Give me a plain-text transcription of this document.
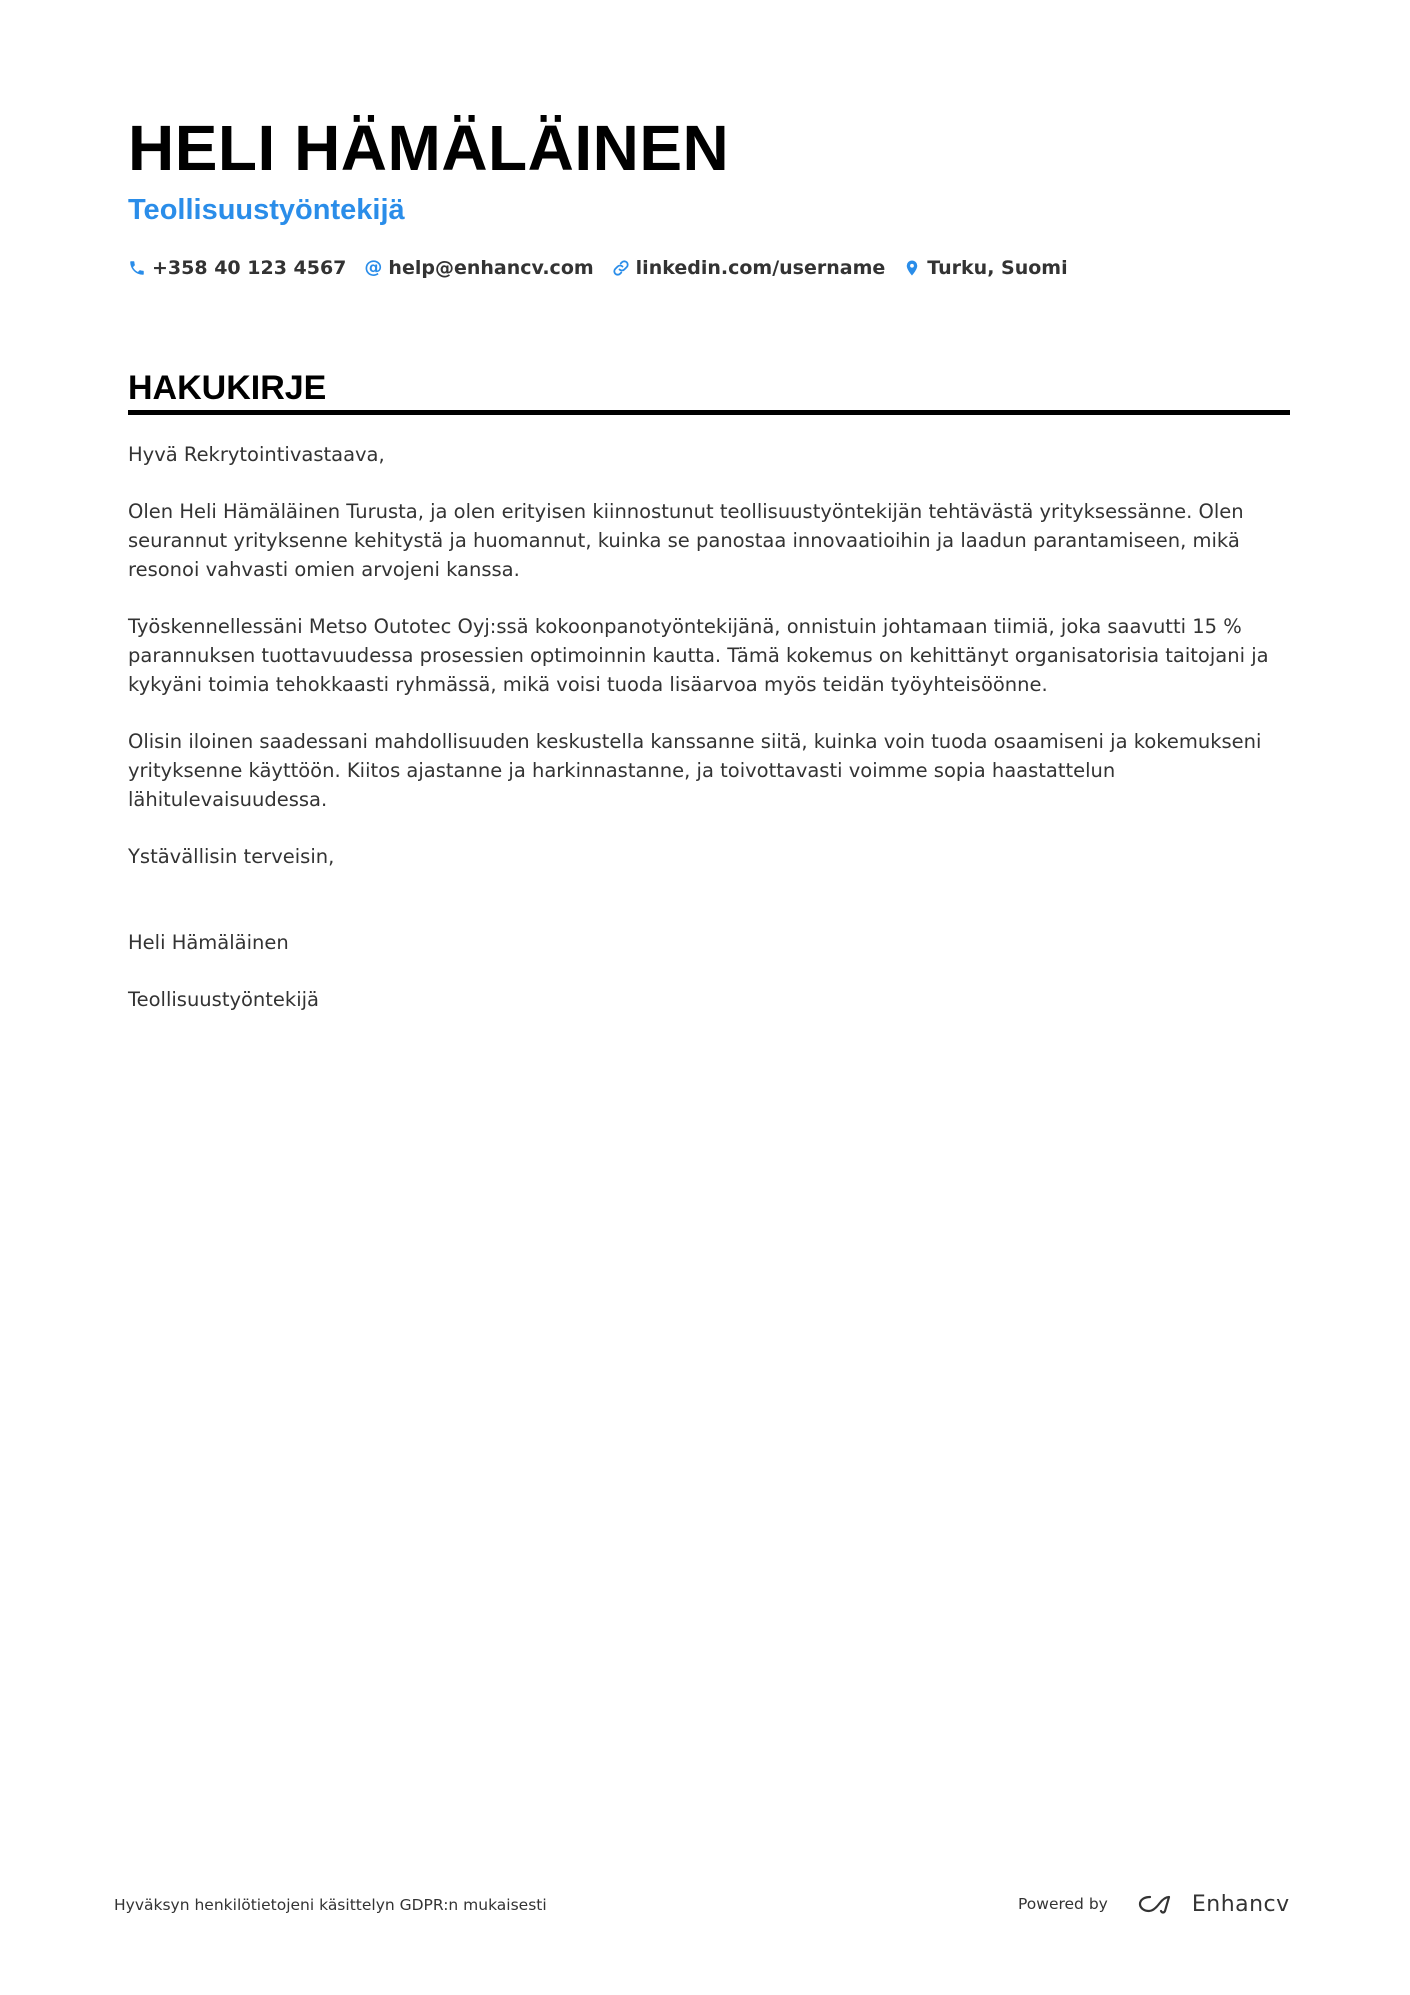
HELI HÄMÄLÄINEN
Teollisuustyöntekijä
+358 40 123 4567 @ help@enhancv.com linkedin.com/username Turku, Suomi
HAKUKIRJE

Hyvä Rekrytointivastaava,

Olen Heli Hämäläinen Turusta, ja olen erityisen kiinnostunut teollisuustyöntekijän tehtävästä yrityksessänne. Olen seurannut yrityksenne kehitystä ja huomannut, kuinka se panostaa innovaatioihin ja laadun parantamiseen, mikä resonoi vahvasti omien arvojeni kanssa.

Työskennellessäni Metso Outotec Oyj:ssä kokoonpanotyöntekijänä, onnistuin johtamaan tiimiä, joka saavutti 15 % parannuksen tuottavuudessa prosessien optimoinnin kautta. Tämä kokemus on kehittänyt organisatorisia taitojani ja kykyäni toimia tehokkaasti ryhmässä, mikä voisi tuoda lisäarvoa myös teidän työyhteisöönne.

Olisin iloinen saadessani mahdollisuuden keskustella kanssanne siitä, kuinka voin tuoda osaamiseni ja kokemukseni yrityksenne käyttöön. Kiitos ajastanne ja harkinnastanne, ja toivottavasti voimme sopia haastattelun lähitulevaisuudessa.

Ystävällisin terveisin,

Heli Hämäläinen

Teollisuustyöntekijä

Hyväksyn henkilötietojeni käsittelyn GDPR:n mukaisesti	Powered by	Enhancv
